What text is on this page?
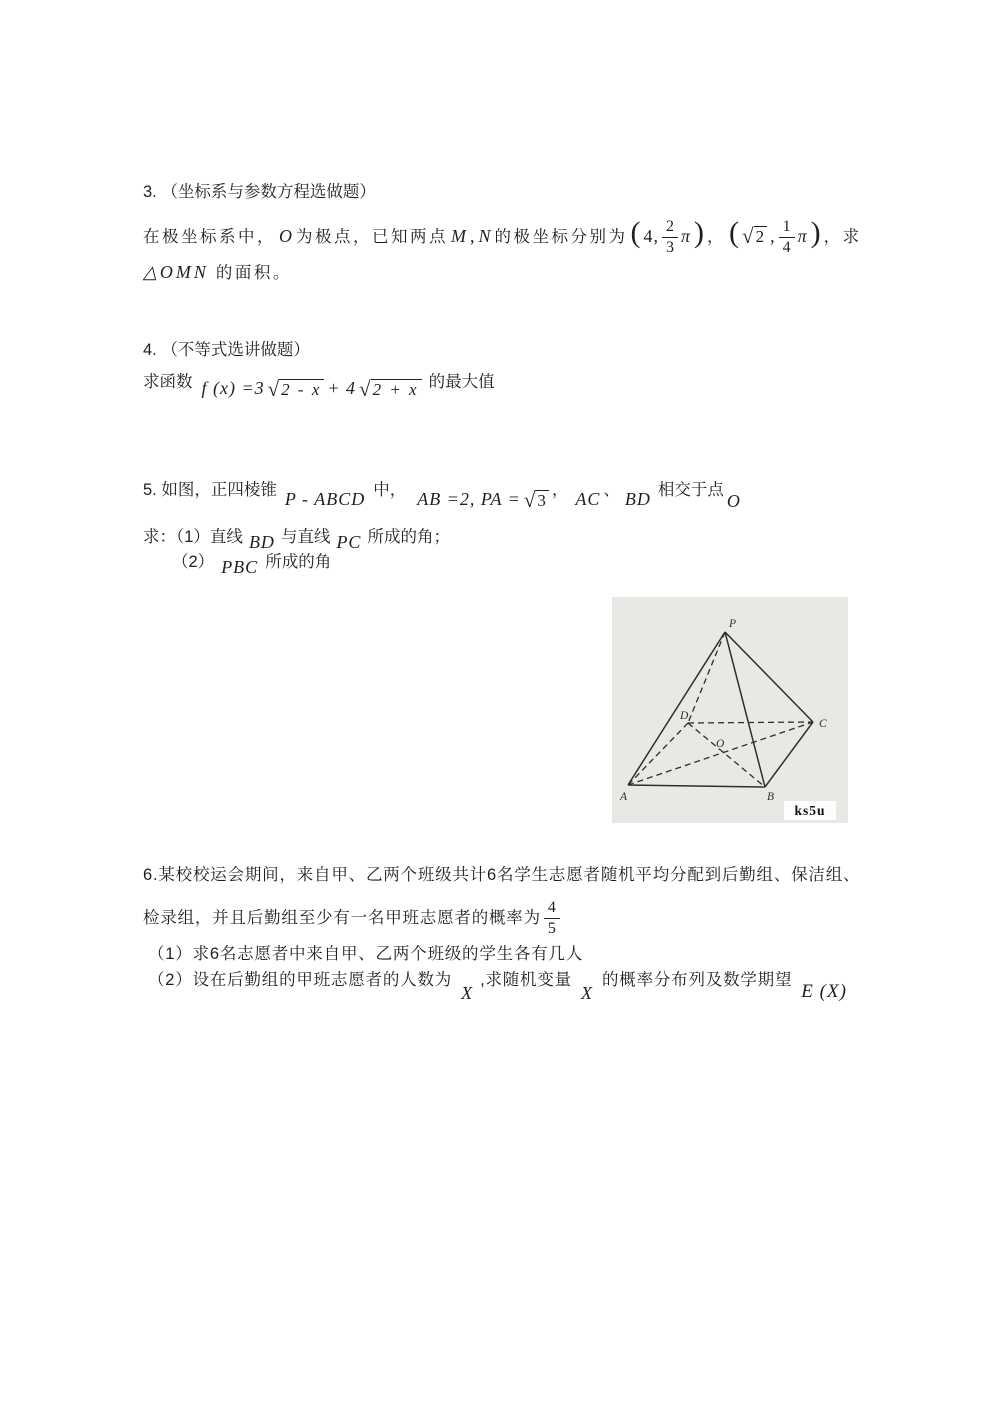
3. （坐标系与参数方程选做题）
在极坐标系中， O 为极点，已知两点 M , N 的极坐标分别为 ( 4, $\frac{2}{3}$ π ) ， ( √ 2 , $\frac{1}{4}$ π ) ，求
△OMN 的面积。
4. （不等式选讲做题）
求函数 f (x) =3 √ 2 - x + 4 √ 2 + x 的最大值
5. 如图，正四棱锥 P - ABCD 中， AB =2, PA = √ 3
， AC 、 BD 相交于点
O
求：（1）直线 BD 与直线 PC 所成的角；
（2） PBC 所成的角
P
A	B
C
D
O
ks5u
6.某校校运会期间，来自甲、乙两个班级共计6名学生志愿者随机平均分配到后勤组、保洁组、
检录组，并且后勤组至少有一名甲班志愿者的概率为 $\frac{4}{5}$
（1）求6名志愿者中来自甲、乙两个班级的学生各有几人
（2）设在后勤组的甲班志愿者的人数为
X
,求随机变量
X
的概率分布列及数学期望
E (X)
